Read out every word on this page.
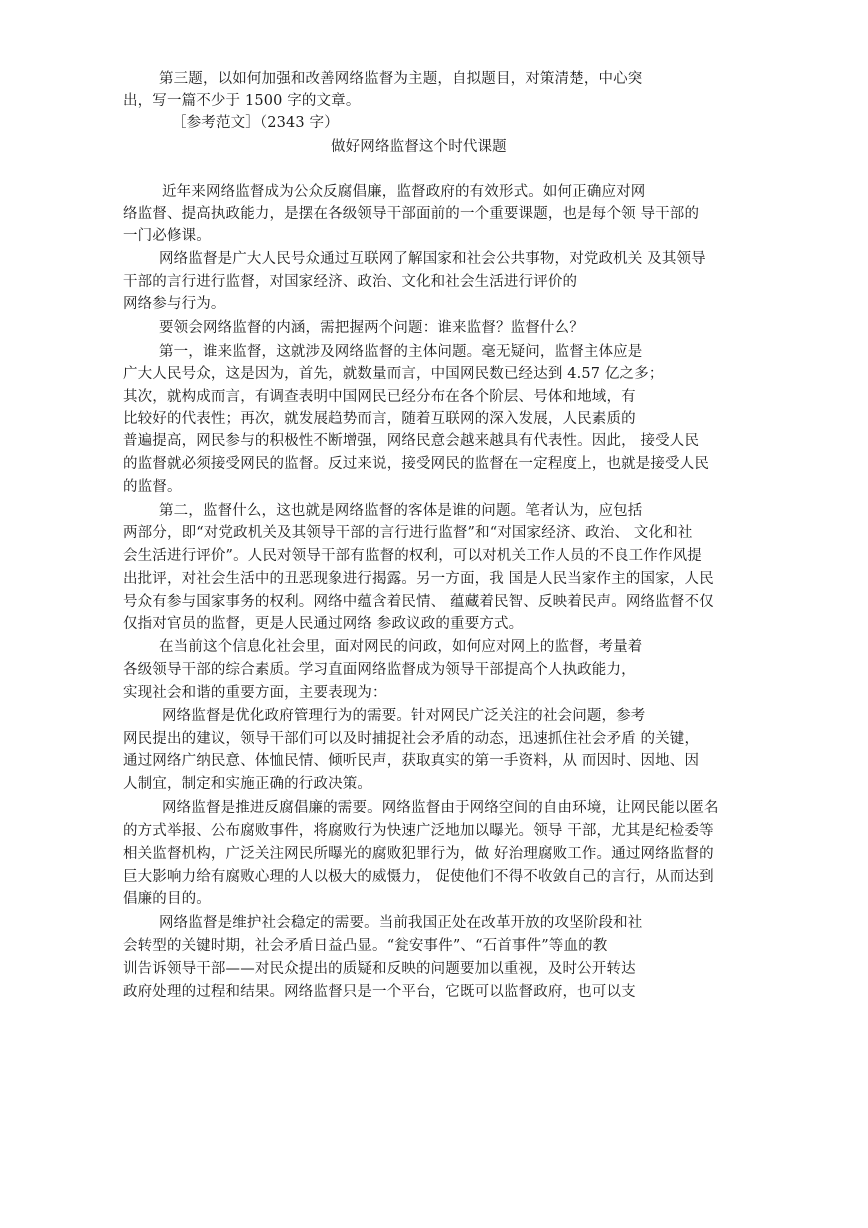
第三题，以如何加强和改善网络监督为主题，自拟题目，对策清楚，中心突
出，写一篇不少于 1500 字的文章。
［参考范文］（2343 字）
做好网络监督这个时代课题
近年来网络监督成为公众反腐倡廉，监督政府的有效形式。如何正确应对网
络监督、提高执政能力，是摆在各级领导干部面前的一个重要课题，也是每个领 导干部的
一门必修课。
网络监督是广大人民号众通过互联网了解国家和社会公共事物，对党政机关 及其领导
干部的言行进行监督，对国家经济、政治、文化和社会生活进行评价的
网络参与行为。
要领会网络监督的内涵，需把握两个问题：谁来监督？监督什么？
第一，谁来监督，这就涉及网络监督的主体问题。毫无疑问，监督主体应是
广大人民号众，这是因为，首先，就数量而言，中国网民数已经达到 4.57 亿之多；
其次，就构成而言，有调查表明中国网民已经分布在各个阶层、号体和地域，有
比较好的代表性；再次，就发展趋势而言，随着互联网的深入发展，人民素质的
普遍提高，网民参与的积极性不断增强，网络民意会越来越具有代表性。因此， 接受人民
的监督就必须接受网民的监督。反过来说，接受网民的监督在一定程度上，也就是接受人民
的监督。
第二，监督什么，这也就是网络监督的客体是谁的问题。笔者认为，应包括
两部分，即“对党政机关及其领导干部的言行进行监督”和“对国家经济、政治、 文化和社
会生活进行评价”。人民对领导干部有监督的权利，可以对机关工作人员的不良工作作风提
出批评，对社会生活中的丑恶现象进行揭露。另一方面，我 国是人民当家作主的国家，人民
号众有参与国家事务的权利。网络中蕴含着民情、 蕴藏着民智、反映着民声。网络监督不仅
仅指对官员的监督，更是人民通过网络 参政议政的重要方式。
在当前这个信息化社会里，面对网民的问政，如何应对网上的监督，考量着
各级领导干部的综合素质。学习直面网络监督成为领导干部提高个人执政能力，
实现社会和谐的重要方面，主要表现为：
网络监督是优化政府管理行为的需要。针对网民广泛关注的社会问题，参考
网民提出的建议，领导干部们可以及时捕捉社会矛盾的动态，迅速抓住社会矛盾 的关键，
通过网络广纳民意、体恤民情、倾听民声，获取真实的第一手资料，从 而因时、因地、因
人制宜，制定和实施正确的行政决策。
网络监督是推进反腐倡廉的需要。网络监督由于网络空间的自由环境，让网民能以匿名
的方式举报、公布腐败事件，将腐败行为快速广泛地加以曝光。领导 干部，尤其是纪检委等
相关监督机构，广泛关注网民所曝光的腐败犯罪行为，做 好治理腐败工作。通过网络监督的
巨大影响力给有腐败心理的人以极大的威慑力， 促使他们不得不收敛自己的言行，从而达到
倡廉的目的。
网络监督是维护社会稳定的需要。当前我国正处在改革开放的攻坚阶段和社
会转型的关键时期，社会矛盾日益凸显。“瓮安事件”、“石首事件”等血的教
训告诉领导干部——对民众提出的质疑和反映的问题要加以重视，及时公开转达
政府处理的过程和结果。网络监督只是一个平台，它既可以监督政府，也可以支
